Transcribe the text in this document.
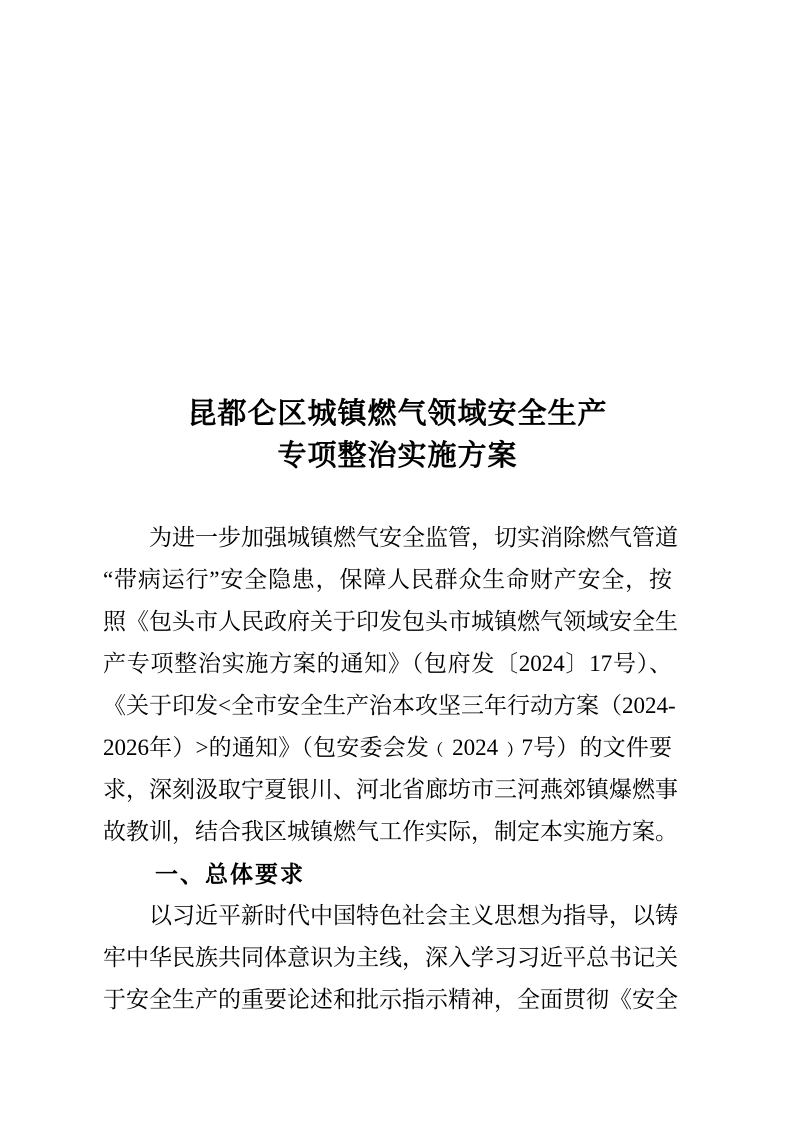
昆都仑区城镇燃气领域安全生产
专项整治实施方案
为进一步加强城镇燃气安全监管，切实消除燃气管道
“带病运行”安全隐患，保障人民群众生命财产安全，按
照《包头市人民政府关于印发包头市城镇燃气领域安全生
产专项整治实施方案的通知》（包府发〔2024〕17号）、
《关于印发<全市安全生产治本攻坚三年行动方案（2024-
2026年）>的通知》（包安委会发﹙2024﹚7号）的文件要
求，深刻汲取宁夏银川、河北省廊坊市三河燕郊镇爆燃事
故教训，结合我区城镇燃气工作实际，制定本实施方案。
一、总体要求
以习近平新时代中国特色社会主义思想为指导，以铸
牢中华民族共同体意识为主线，深入学习习近平总书记关
于安全生产的重要论述和批示指示精神，全面贯彻《安全
